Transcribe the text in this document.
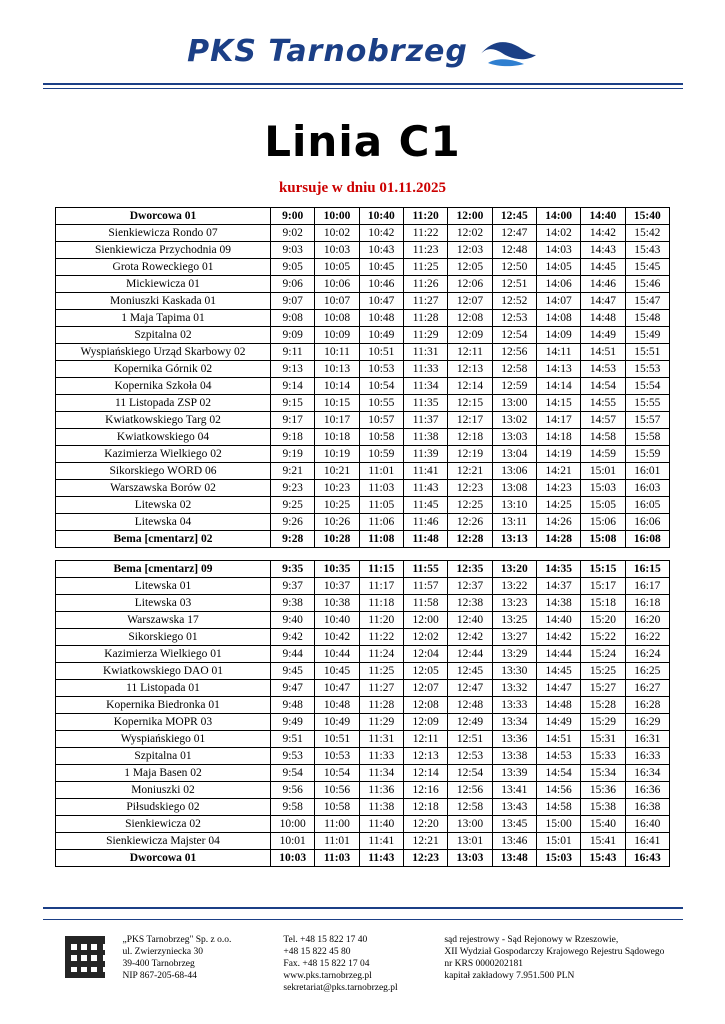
PKS Tarnobrzeg
Linia C1
kursuje w dniu 01.11.2025
Dworcowa 01	9:00	10:00	10:40	11:20	12:00	12:45	14:00	14:40	15:40
Sienkiewicza Rondo 07	9:02	10:02	10:42	11:22	12:02	12:47	14:02	14:42	15:42
Sienkiewicza Przychodnia 09	9:03	10:03	10:43	11:23	12:03	12:48	14:03	14:43	15:43
Grota Roweckiego 01	9:05	10:05	10:45	11:25	12:05	12:50	14:05	14:45	15:45
Mickiewicza 01	9:06	10:06	10:46	11:26	12:06	12:51	14:06	14:46	15:46
Moniuszki Kaskada 01	9:07	10:07	10:47	11:27	12:07	12:52	14:07	14:47	15:47
1 Maja Tapima 01	9:08	10:08	10:48	11:28	12:08	12:53	14:08	14:48	15:48
Szpitalna 02	9:09	10:09	10:49	11:29	12:09	12:54	14:09	14:49	15:49
Wyspiańskiego Urząd Skarbowy 02	9:11	10:11	10:51	11:31	12:11	12:56	14:11	14:51	15:51
Kopernika Górnik 02	9:13	10:13	10:53	11:33	12:13	12:58	14:13	14:53	15:53
Kopernika Szkoła 04	9:14	10:14	10:54	11:34	12:14	12:59	14:14	14:54	15:54
11 Listopada ZSP 02	9:15	10:15	10:55	11:35	12:15	13:00	14:15	14:55	15:55
Kwiatkowskiego Targ 02	9:17	10:17	10:57	11:37	12:17	13:02	14:17	14:57	15:57
Kwiatkowskiego 04	9:18	10:18	10:58	11:38	12:18	13:03	14:18	14:58	15:58
Kazimierza Wielkiego 02	9:19	10:19	10:59	11:39	12:19	13:04	14:19	14:59	15:59
Sikorskiego WORD 06	9:21	10:21	11:01	11:41	12:21	13:06	14:21	15:01	16:01
Warszawska Borów 02	9:23	10:23	11:03	11:43	12:23	13:08	14:23	15:03	16:03
Litewska 02	9:25	10:25	11:05	11:45	12:25	13:10	14:25	15:05	16:05
Litewska 04	9:26	10:26	11:06	11:46	12:26	13:11	14:26	15:06	16:06
Bema [cmentarz] 02	9:28	10:28	11:08	11:48	12:28	13:13	14:28	15:08	16:08

Bema [cmentarz] 09	9:35	10:35	11:15	11:55	12:35	13:20	14:35	15:15	16:15
Litewska 01	9:37	10:37	11:17	11:57	12:37	13:22	14:37	15:17	16:17
Litewska 03	9:38	10:38	11:18	11:58	12:38	13:23	14:38	15:18	16:18
Warszawska 17	9:40	10:40	11:20	12:00	12:40	13:25	14:40	15:20	16:20
Sikorskiego 01	9:42	10:42	11:22	12:02	12:42	13:27	14:42	15:22	16:22
Kazimierza Wielkiego 01	9:44	10:44	11:24	12:04	12:44	13:29	14:44	15:24	16:24
Kwiatkowskiego DAO 01	9:45	10:45	11:25	12:05	12:45	13:30	14:45	15:25	16:25
11 Listopada 01	9:47	10:47	11:27	12:07	12:47	13:32	14:47	15:27	16:27
Kopernika Biedronka 01	9:48	10:48	11:28	12:08	12:48	13:33	14:48	15:28	16:28
Kopernika MOPR 03	9:49	10:49	11:29	12:09	12:49	13:34	14:49	15:29	16:29
Wyspiańskiego 01	9:51	10:51	11:31	12:11	12:51	13:36	14:51	15:31	16:31
Szpitalna 01	9:53	10:53	11:33	12:13	12:53	13:38	14:53	15:33	16:33
1 Maja Basen 02	9:54	10:54	11:34	12:14	12:54	13:39	14:54	15:34	16:34
Moniuszki 02	9:56	10:56	11:36	12:16	12:56	13:41	14:56	15:36	16:36
Piłsudskiego 02	9:58	10:58	11:38	12:18	12:58	13:43	14:58	15:38	16:38
Sienkiewicza 02	10:00	11:00	11:40	12:20	13:00	13:45	15:00	15:40	16:40
Sienkiewicza Majster 04	10:01	11:01	11:41	12:21	13:01	13:46	15:01	15:41	16:41
Dworcowa 01	10:03	11:03	11:43	12:23	13:03	13:48	15:03	15:43	16:43
„PKS Tarnobrzeg" Sp. z o.o.
ul. Zwierzyniecka 30
39-400 Tarnobrzeg
NIP 867-205-68-44
Tel. +48 15 822 17 40
+48 15 822 45 80
Fax. +48 15 822 17 04
www.pks.tarnobrzeg.pl
sekretariat@pks.tarnobrzeg.pl
sąd rejestrowy - Sąd Rejonowy w Rzeszowie,
XII Wydział Gospodarczy Krajowego Rejestru Sądowego
nr KRS 0000202181
kapitał zakładowy 7.951.500 PLN
